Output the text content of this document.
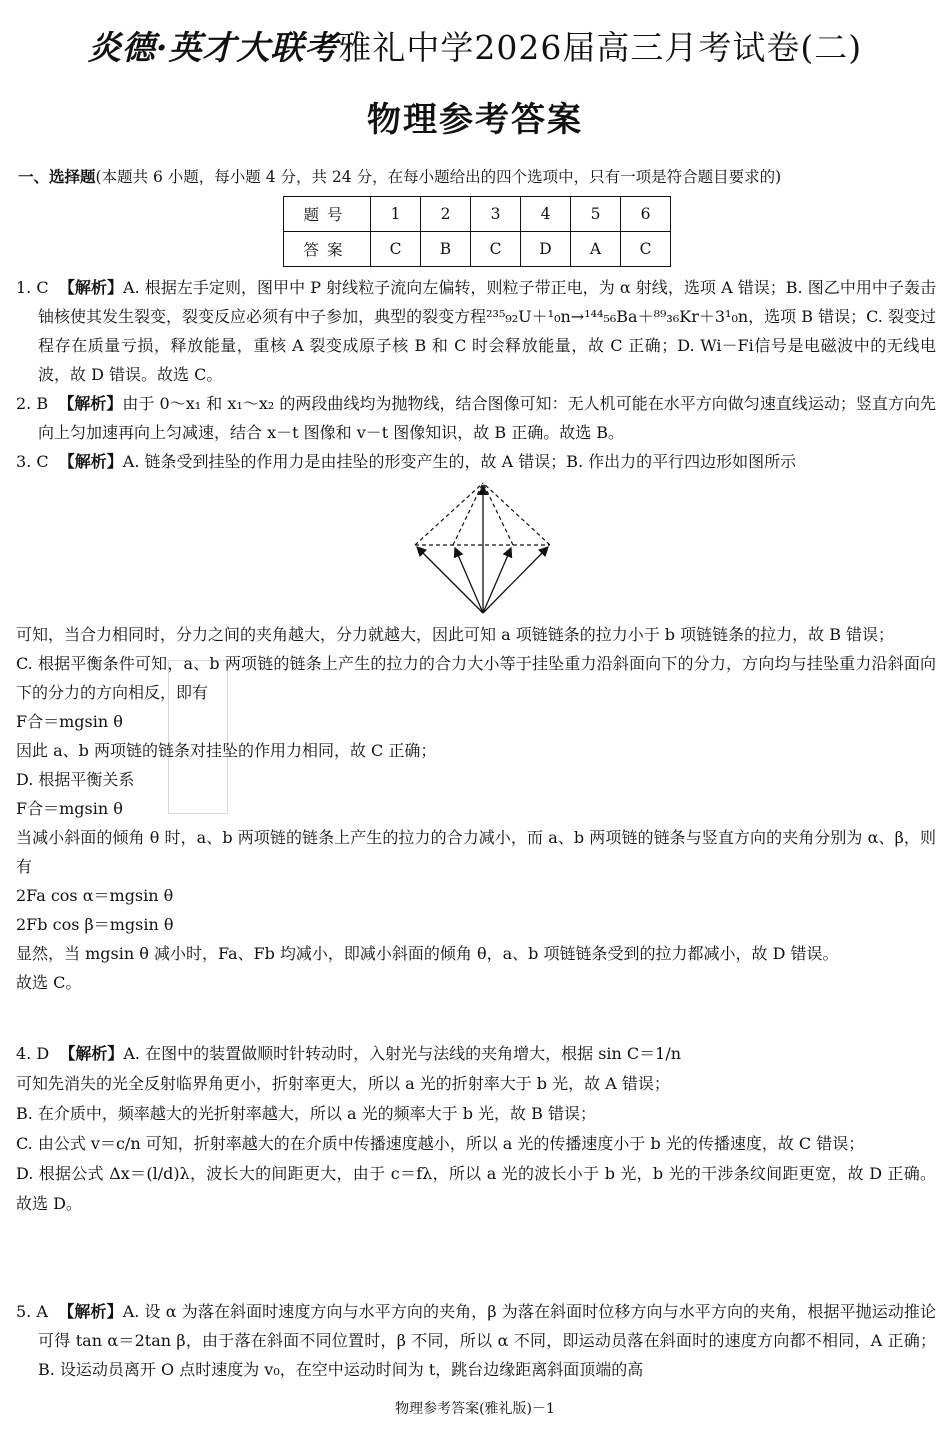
炎德·英才大联考雅礼中学2026届高三月考试卷(二)
物理参考答案
一、选择题(本题共 6 小题，每小题 4 分，共 24 分，在每小题给出的四个选项中，只有一项是符合题目要求的)
题号	1	2	3	4	5	6
答案	C	B	C	D	A	C

1. C 【解析】A. 根据左手定则，图甲中 P 射线粒子流向左偏转，则粒子带正电，为 α 射线，选项 A 错误；B. 图乙中用中子轰击铀核使其发生裂变，裂变反应必须有中子参加，典型的裂变方程²³⁵₉₂U＋¹₀n→¹⁴⁴₅₆Ba＋⁸⁹₃₆Kr＋3¹₀n，选项 B 错误；C. 裂变过程存在质量亏损，释放能量，重核 A 裂变成原子核 B 和 C 时会释放能量，故 C 正确；D. Wi－Fi信号是电磁波中的无线电波，故 D 错误。故选 C。

2. B 【解析】由于 0～x₁ 和 x₁～x₂ 的两段曲线均为抛物线，结合图像可知：无人机可能在水平方向做匀速直线运动；竖直方向先向上匀加速再向上匀减速，结合 x－t 图像和 v－t 图像知识，故 B 正确。故选 B。

3. C 【解析】A. 链条受到挂坠的作用力是由挂坠的形变产生的，故 A 错误；B. 作出力的平行四边形如图所示

可知，当合力相同时，分力之间的夹角越大，分力就越大，因此可知 a 项链链条的拉力小于 b 项链链条的拉力，故 B 错误；

C. 根据平衡条件可知，a、b 两项链的链条上产生的拉力的合力大小等于挂坠重力沿斜面向下的分力，方向均与挂坠重力沿斜面向下的分力的方向相反，即有

F合＝mgsin θ

因此 a、b 两项链的链条对挂坠的作用力相同，故 C 正确；

D. 根据平衡关系

F合＝mgsin θ

当减小斜面的倾角 θ 时，a、b 两项链的链条上产生的拉力的合力减小，而 a、b 两项链的链条与竖直方向的夹角分别为 α、β，则有

2Fa cos α＝mgsin θ

2Fb cos β＝mgsin θ

显然，当 mgsin θ 减小时，Fa、Fb 均减小，即减小斜面的倾角 θ，a、b 项链链条受到的拉力都减小，故 D 错误。

故选 C。

4. D 【解析】A. 在图中的装置做顺时针转动时，入射光与法线的夹角增大，根据 sin C＝1/n

可知先消失的光全反射临界角更小，折射率更大，所以 a 光的折射率大于 b 光，故 A 错误；

B. 在介质中，频率越大的光折射率越大，所以 a 光的频率大于 b 光，故 B 错误；

C. 由公式 v＝c/n 可知，折射率越大的在介质中传播速度越小，所以 a 光的传播速度小于 b 光的传播速度，故 C 错误；

D. 根据公式 Δx＝(l/d)λ，波长大的间距更大，由于 c＝fλ，所以 a 光的波长小于 b 光，b 光的干涉条纹间距更宽，故 D 正确。故选 D。

5. A 【解析】A. 设 α 为落在斜面时速度方向与水平方向的夹角，β 为落在斜面时位移方向与水平方向的夹角，根据平抛运动推论可得 tan α＝2tan β，由于落在斜面不同位置时，β 不同，所以 α 不同，即运动员落在斜面时的速度方向都不相同，A 正确；B. 设运动员离开 O 点时速度为 v₀，在空中运动时间为 t，跳台边缘距离斜面顶端的高

物理参考答案(雅礼版)－1
